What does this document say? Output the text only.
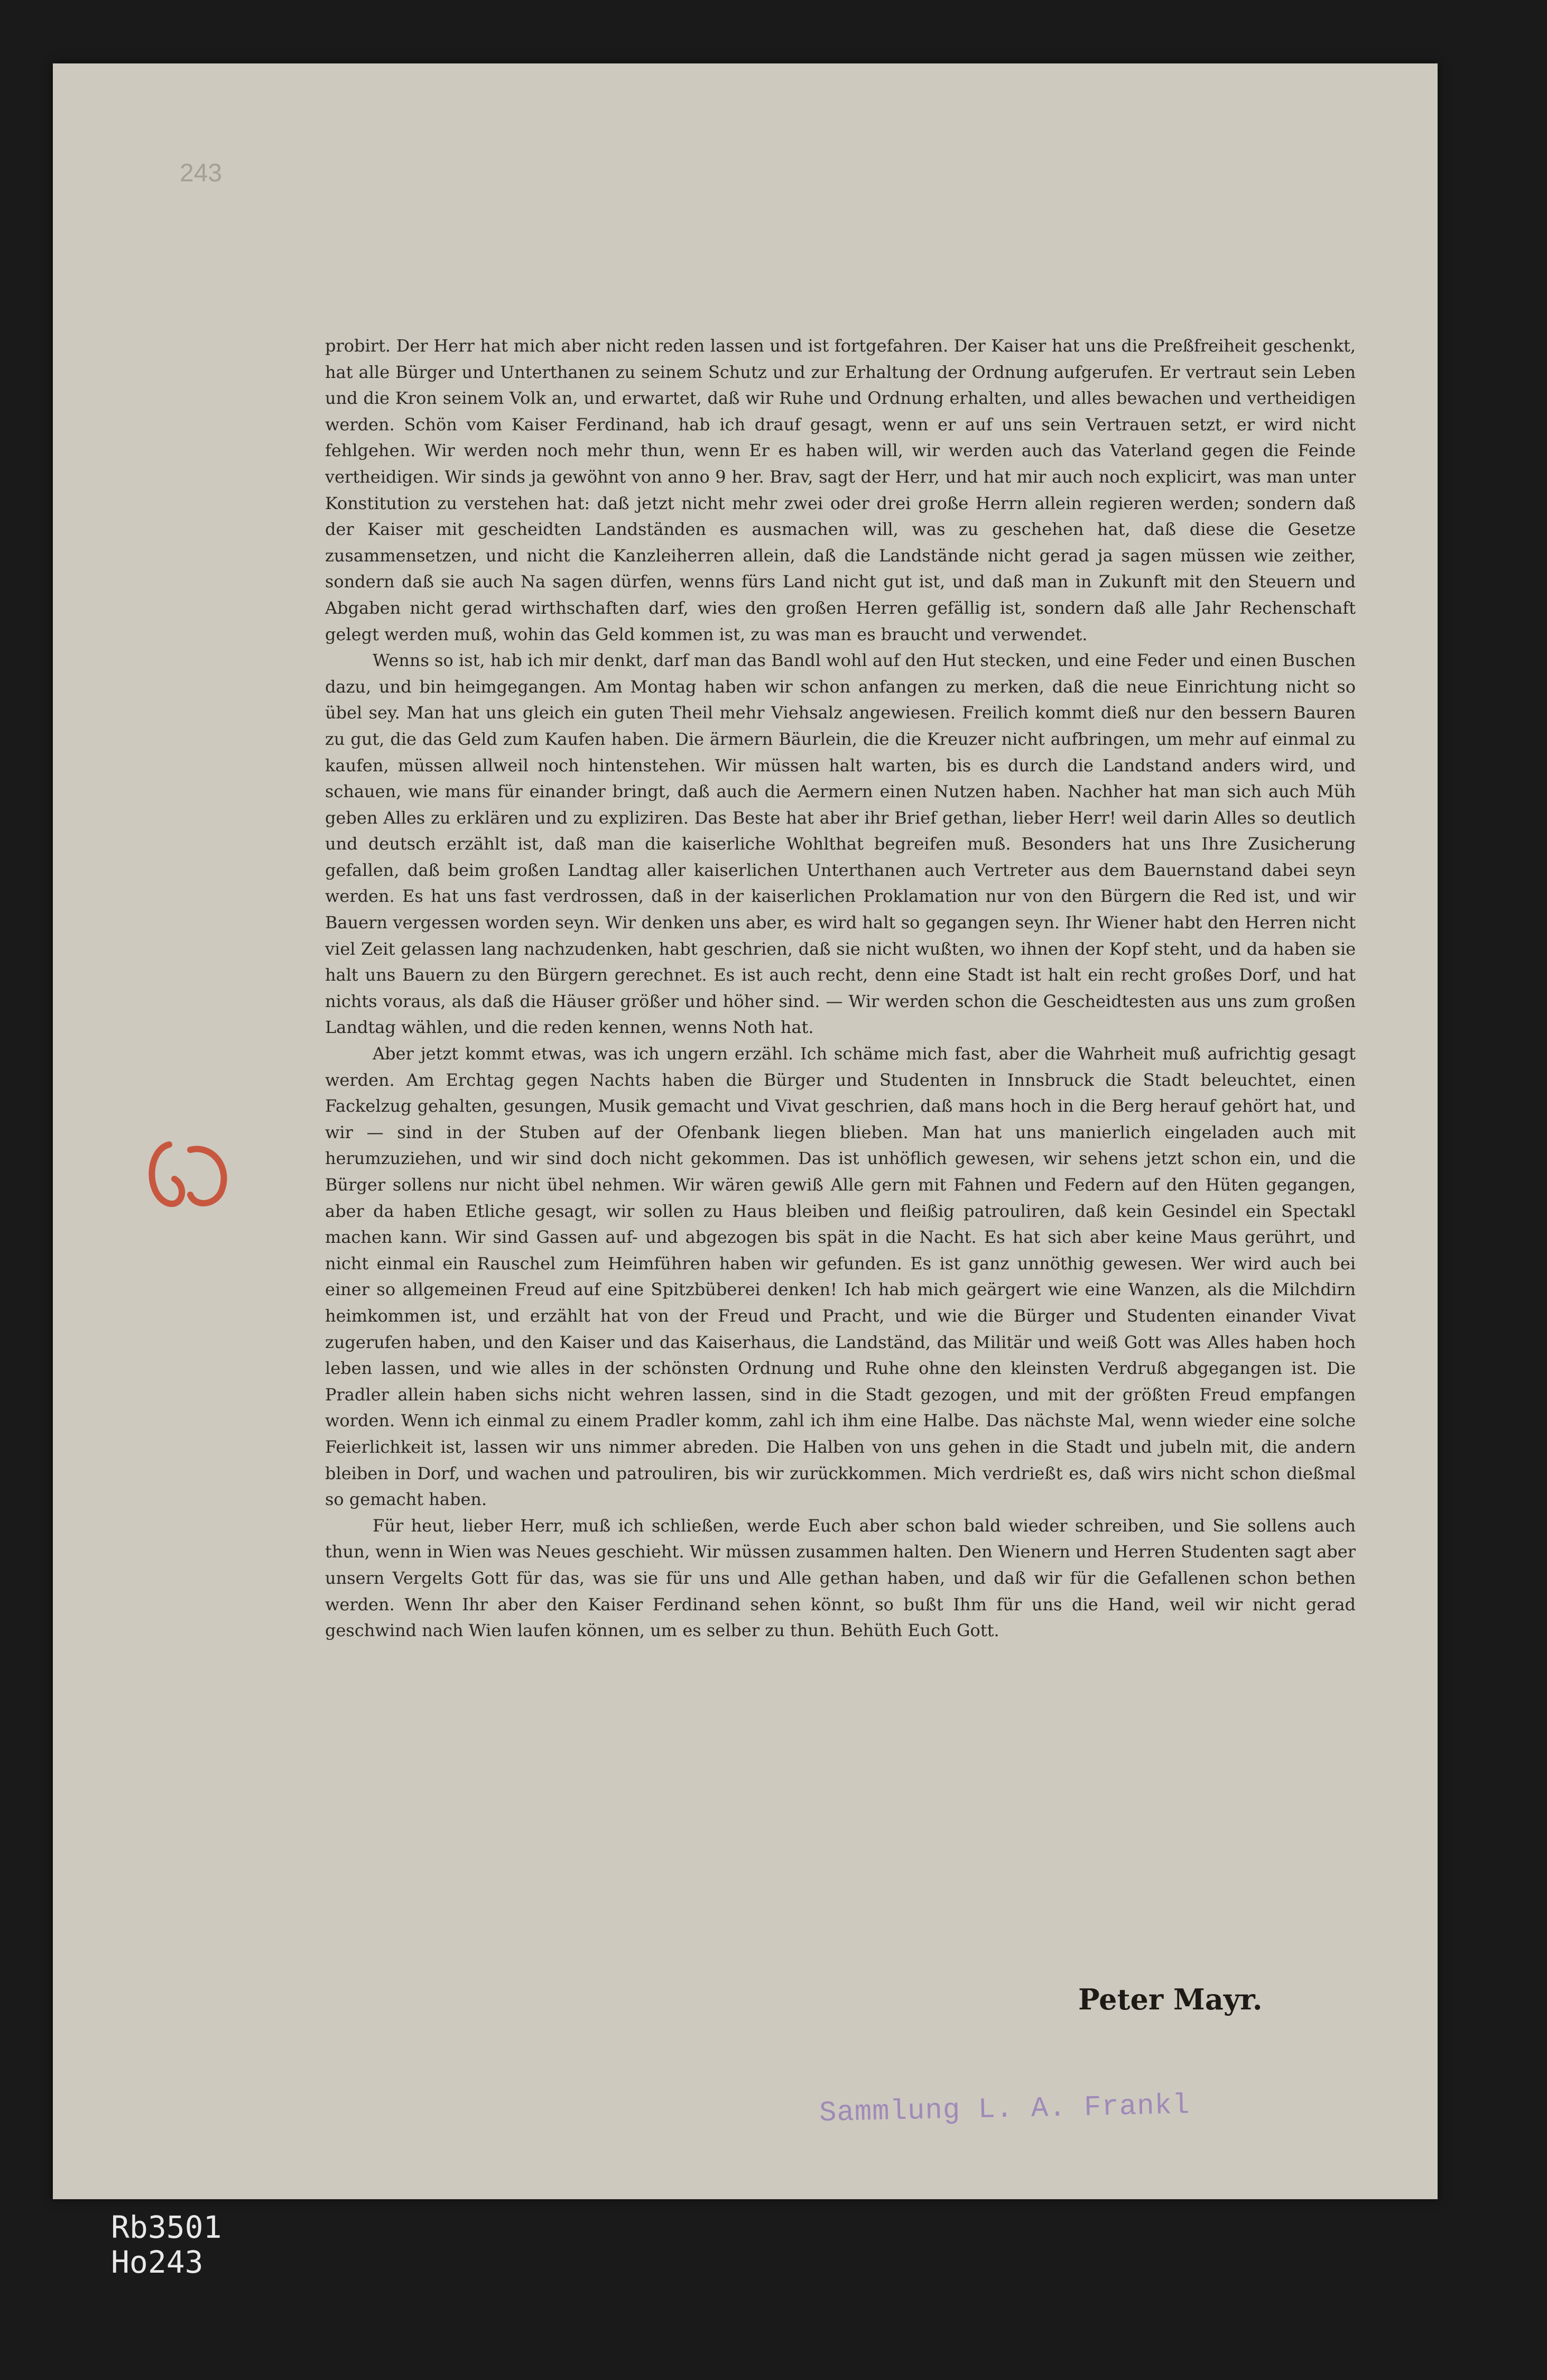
243

probirt. Der Herr hat mich aber nicht reden lassen und ist fortgefahren. Der Kaiser hat uns die Preßfreiheit geschenkt, hat alle Bürger und Unterthanen zu seinem Schutz und zur Erhaltung der Ordnung aufgerufen. Er vertraut sein Leben und die Kron seinem Volk an, und erwartet, daß wir Ruhe und Ordnung erhalten, und alles bewachen und vertheidigen werden. Schön vom Kaiser Ferdinand, hab ich drauf gesagt, wenn er auf uns sein Vertrauen setzt, er wird nicht fehlgehen. Wir werden noch mehr thun, wenn Er es haben will, wir werden auch das Vaterland gegen die Feinde vertheidigen. Wir sinds ja gewöhnt von anno 9 her. Brav, sagt der Herr, und hat mir auch noch explicirt, was man unter Konstitution zu verstehen hat: daß jetzt nicht mehr zwei oder drei große Herrn allein regieren werden; sondern daß der Kaiser mit gescheidten Landständen es ausmachen will, was zu geschehen hat, daß diese die Gesetze zusammensetzen, und nicht die Kanzleiherren allein, daß die Landstände nicht gerad ja sagen müssen wie zeither, sondern daß sie auch Na sagen dürfen, wenns fürs Land nicht gut ist, und daß man in Zukunft mit den Steuern und Abgaben nicht gerad wirthschaften darf, wies den großen Herren gefällig ist, sondern daß alle Jahr Rechenschaft gelegt werden muß, wohin das Geld kommen ist, zu was man es braucht und verwendet.

Wenns so ist, hab ich mir denkt, darf man das Bandl wohl auf den Hut stecken, und eine Feder und einen Buschen dazu, und bin heimgegangen. Am Montag haben wir schon anfangen zu merken, daß die neue Einrichtung nicht so übel sey. Man hat uns gleich ein guten Theil mehr Viehsalz angewiesen. Freilich kommt dieß nur den bessern Bauren zu gut, die das Geld zum Kaufen haben. Die ärmern Bäurlein, die die Kreuzer nicht aufbringen, um mehr auf einmal zu kaufen, müssen allweil noch hintenstehen. Wir müssen halt warten, bis es durch die Landstand anders wird, und schauen, wie mans für einander bringt, daß auch die Aermern einen Nutzen haben. Nachher hat man sich auch Müh geben Alles zu erklären und zu expliziren. Das Beste hat aber ihr Brief gethan, lieber Herr! weil darin Alles so deutlich und deutsch erzählt ist, daß man die kaiserliche Wohlthat begreifen muß. Besonders hat uns Ihre Zusicherung gefallen, daß beim großen Landtag aller kaiserlichen Unterthanen auch Vertreter aus dem Bauernstand dabei seyn werden. Es hat uns fast verdrossen, daß in der kaiserlichen Proklamation nur von den Bürgern die Red ist, und wir Bauern vergessen worden seyn. Wir denken uns aber, es wird halt so gegangen seyn. Ihr Wiener habt den Herren nicht viel Zeit gelassen lang nachzudenken, habt geschrien, daß sie nicht wußten, wo ihnen der Kopf steht, und da haben sie halt uns Bauern zu den Bürgern gerechnet. Es ist auch recht, denn eine Stadt ist halt ein recht großes Dorf, und hat nichts voraus, als daß die Häuser größer und höher sind. — Wir werden schon die Gescheidtesten aus uns zum großen Landtag wählen, und die reden kennen, wenns Noth hat.

Aber jetzt kommt etwas, was ich ungern erzähl. Ich schäme mich fast, aber die Wahrheit muß aufrichtig gesagt werden. Am Erchtag gegen Nachts haben die Bürger und Studenten in Innsbruck die Stadt beleuchtet, einen Fackelzug gehalten, gesungen, Musik gemacht und Vivat geschrien, daß mans hoch in die Berg herauf gehört hat, und wir — sind in der Stuben auf der Ofenbank liegen blieben. Man hat uns manierlich eingeladen auch mit herumzuziehen, und wir sind doch nicht gekommen. Das ist unhöflich gewesen, wir sehens jetzt schon ein, und die Bürger sollens nur nicht übel nehmen. Wir wären gewiß Alle gern mit Fahnen und Federn auf den Hüten gegangen, aber da haben Etliche gesagt, wir sollen zu Haus bleiben und fleißig patrouliren, daß kein Gesindel ein Spectakl machen kann. Wir sind Gassen auf- und abgezogen bis spät in die Nacht. Es hat sich aber keine Maus gerührt, und nicht einmal ein Rauschel zum Heimführen haben wir gefunden. Es ist ganz unnöthig gewesen. Wer wird auch bei einer so allgemeinen Freud auf eine Spitzbüberei denken! Ich hab mich geärgert wie eine Wanzen, als die Milchdirn heimkommen ist, und erzählt hat von der Freud und Pracht, und wie die Bürger und Studenten einander Vivat zugerufen haben, und den Kaiser und das Kaiserhaus, die Landständ, das Militär und weiß Gott was Alles haben hoch leben lassen, und wie alles in der schönsten Ordnung und Ruhe ohne den kleinsten Verdruß abgegangen ist. Die Pradler allein haben sichs nicht wehren lassen, sind in die Stadt gezogen, und mit der größten Freud empfangen worden. Wenn ich einmal zu einem Pradler komm, zahl ich ihm eine Halbe. Das nächste Mal, wenn wieder eine solche Feierlichkeit ist, lassen wir uns nimmer abreden. Die Halben von uns gehen in die Stadt und jubeln mit, die andern bleiben in Dorf, und wachen und patrouliren, bis wir zurückkommen. Mich verdrießt es, daß wirs nicht schon dießmal so gemacht haben.

Für heut, lieber Herr, muß ich schließen, werde Euch aber schon bald wieder schreiben, und Sie sollens auch thun, wenn in Wien was Neues geschieht. Wir müssen zusammen halten. Den Wienern und Herren Studenten sagt aber unsern Vergelts Gott für das, was sie für uns und Alle gethan haben, und daß wir für die Gefallenen schon bethen werden. Wenn Ihr aber den Kaiser Ferdinand sehen könnt, so bußt Ihm für uns die Hand, weil wir nicht gerad geschwind nach Wien laufen können, um es selber zu thun. Behüth Euch Gott.

Peter Mayr.
Sammlung L. A. Frankl
Rb3501
Ho243
